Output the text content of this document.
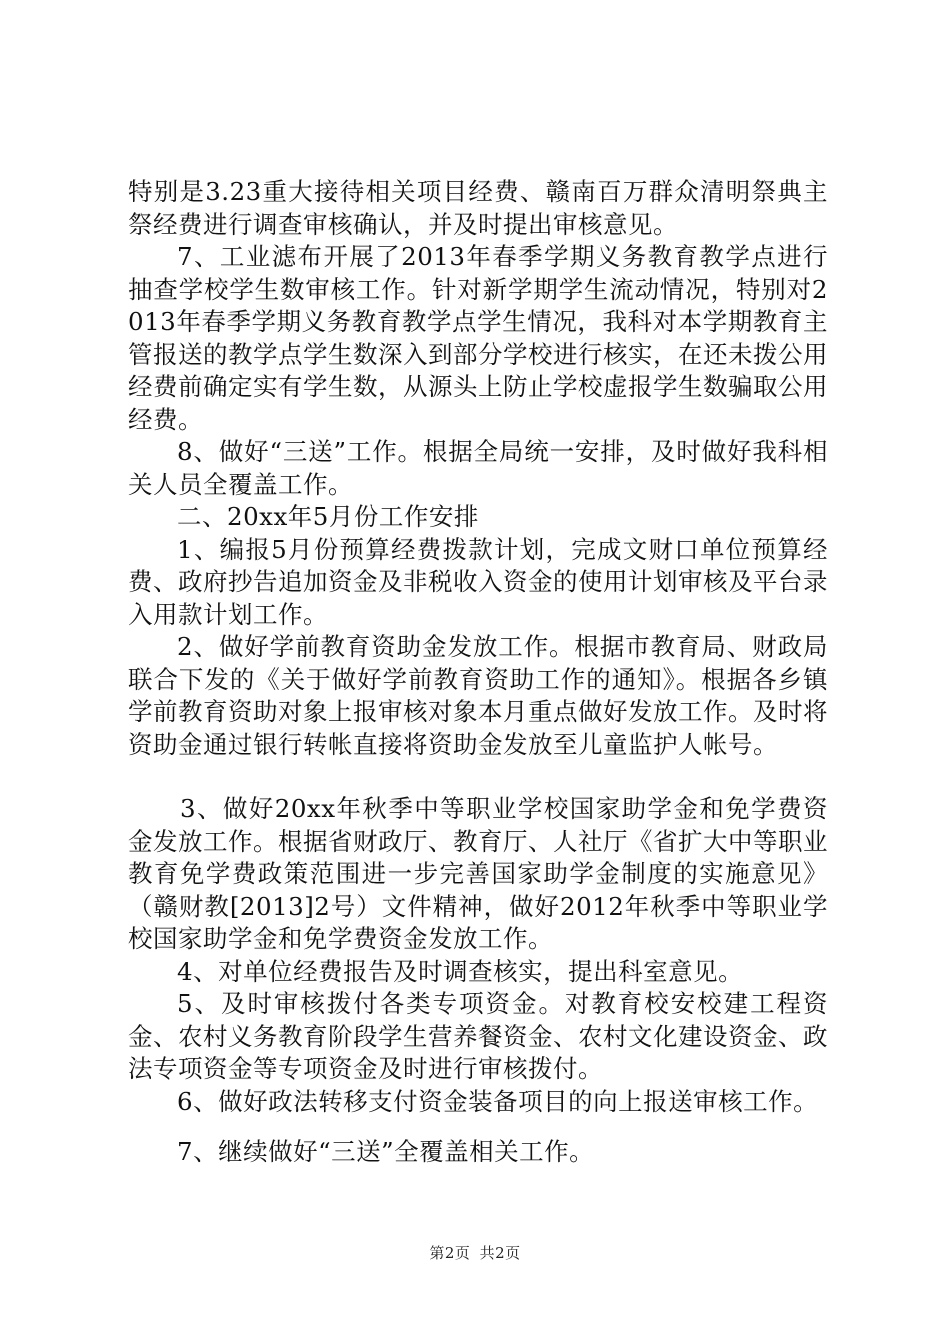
特别是3.23重大接待相关项目经费、赣南百万群众清明祭典主祭经费进行调查审核确认，并及时提出审核意见。

7、工业滤布开展了2013年春季学期义务教育教学点进行抽查学校学生数审核工作。针对新学期学生流动情况，特别对2013年春季学期义务教育教学点学生情况，我科对本学期教育主管报送的教学点学生数深入到部分学校进行核实，在还未拨公用经费前确定实有学生数，从源头上防止学校虚报学生数骗取公用经费。

8、做好“三送”工作。根据全局统一安排，及时做好我科相关人员全覆盖工作。

二、20xx年5月份工作安排

1、编报5月份预算经费拨款计划，完成文财口单位预算经费、政府抄告追加资金及非税收入资金的使用计划审核及平台录入用款计划工作。

2、做好学前教育资助金发放工作。根据市教育局、财政局联合下发的《关于做好学前教育资助工作的通知》。根据各乡镇学前教育资助对象上报审核对象本月重点做好发放工作。及时将资助金通过银行转帐直接将资助金发放至儿童监护人帐号。

3、做好20xx年秋季中等职业学校国家助学金和免学费资金发放工作。根据省财政厅、教育厅、人社厅《省扩大中等职业教育免学费政策范围进一步完善国家助学金制度的实施意见》（赣财教[2013]2号）文件精神，做好2012年秋季中等职业学校国家助学金和免学费资金发放工作。

4、对单位经费报告及时调查核实，提出科室意见。

5、及时审核拨付各类专项资金。对教育校安校建工程资金、农村义务教育阶段学生营养餐资金、农村文化建设资金、政法专项资金等专项资金及时进行审核拨付。

6、做好政法转移支付资金装备项目的向上报送审核工作。

7、继续做好“三送”全覆盖相关工作。

第2页 共2页
